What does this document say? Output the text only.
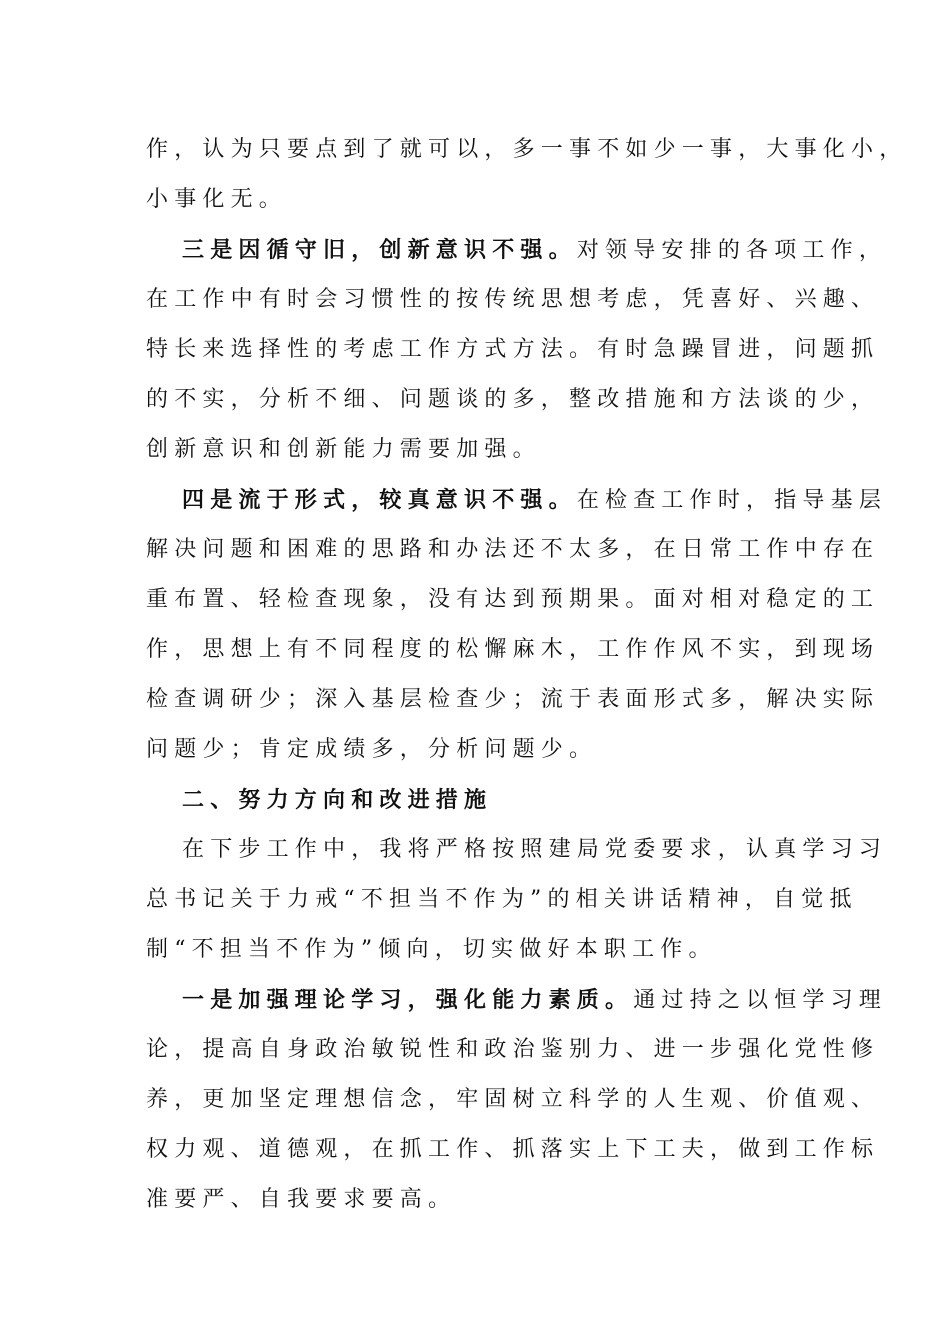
作，认为只要点到了就可以，多一事不如少一事，大事化小，
小事化无。
三是因循守旧，创新意识不强。对领导安排的各项工作，
在工作中有时会习惯性的按传统思想考虑，凭喜好、兴趣、
特长来选择性的考虑工作方式方法。有时急躁冒进，问题抓
的不实，分析不细、问题谈的多，整改措施和方法谈的少，
创新意识和创新能力需要加强。
四是流于形式，较真意识不强。在检查工作时，指导基层
解决问题和困难的思路和办法还不太多，在日常工作中存在
重布置、轻检查现象，没有达到预期果。面对相对稳定的工
作，思想上有不同程度的松懈麻木，工作作风不实，到现场
检查调研少；深入基层检查少；流于表面形式多，解决实际
问题少；肯定成绩多，分析问题少。
二、努力方向和改进措施
在下步工作中，我将严格按照建局党委要求，认真学习习
总书记关于力戒“不担当不作为”的相关讲话精神，自觉抵
制“不担当不作为”倾向，切实做好本职工作。
一是加强理论学习，强化能力素质。通过持之以恒学习理
论，提高自身政治敏锐性和政治鉴别力、进一步强化党性修
养，更加坚定理想信念，牢固树立科学的人生观、价值观、
权力观、道德观，在抓工作、抓落实上下工夫，做到工作标
准要严、自我要求要高。
